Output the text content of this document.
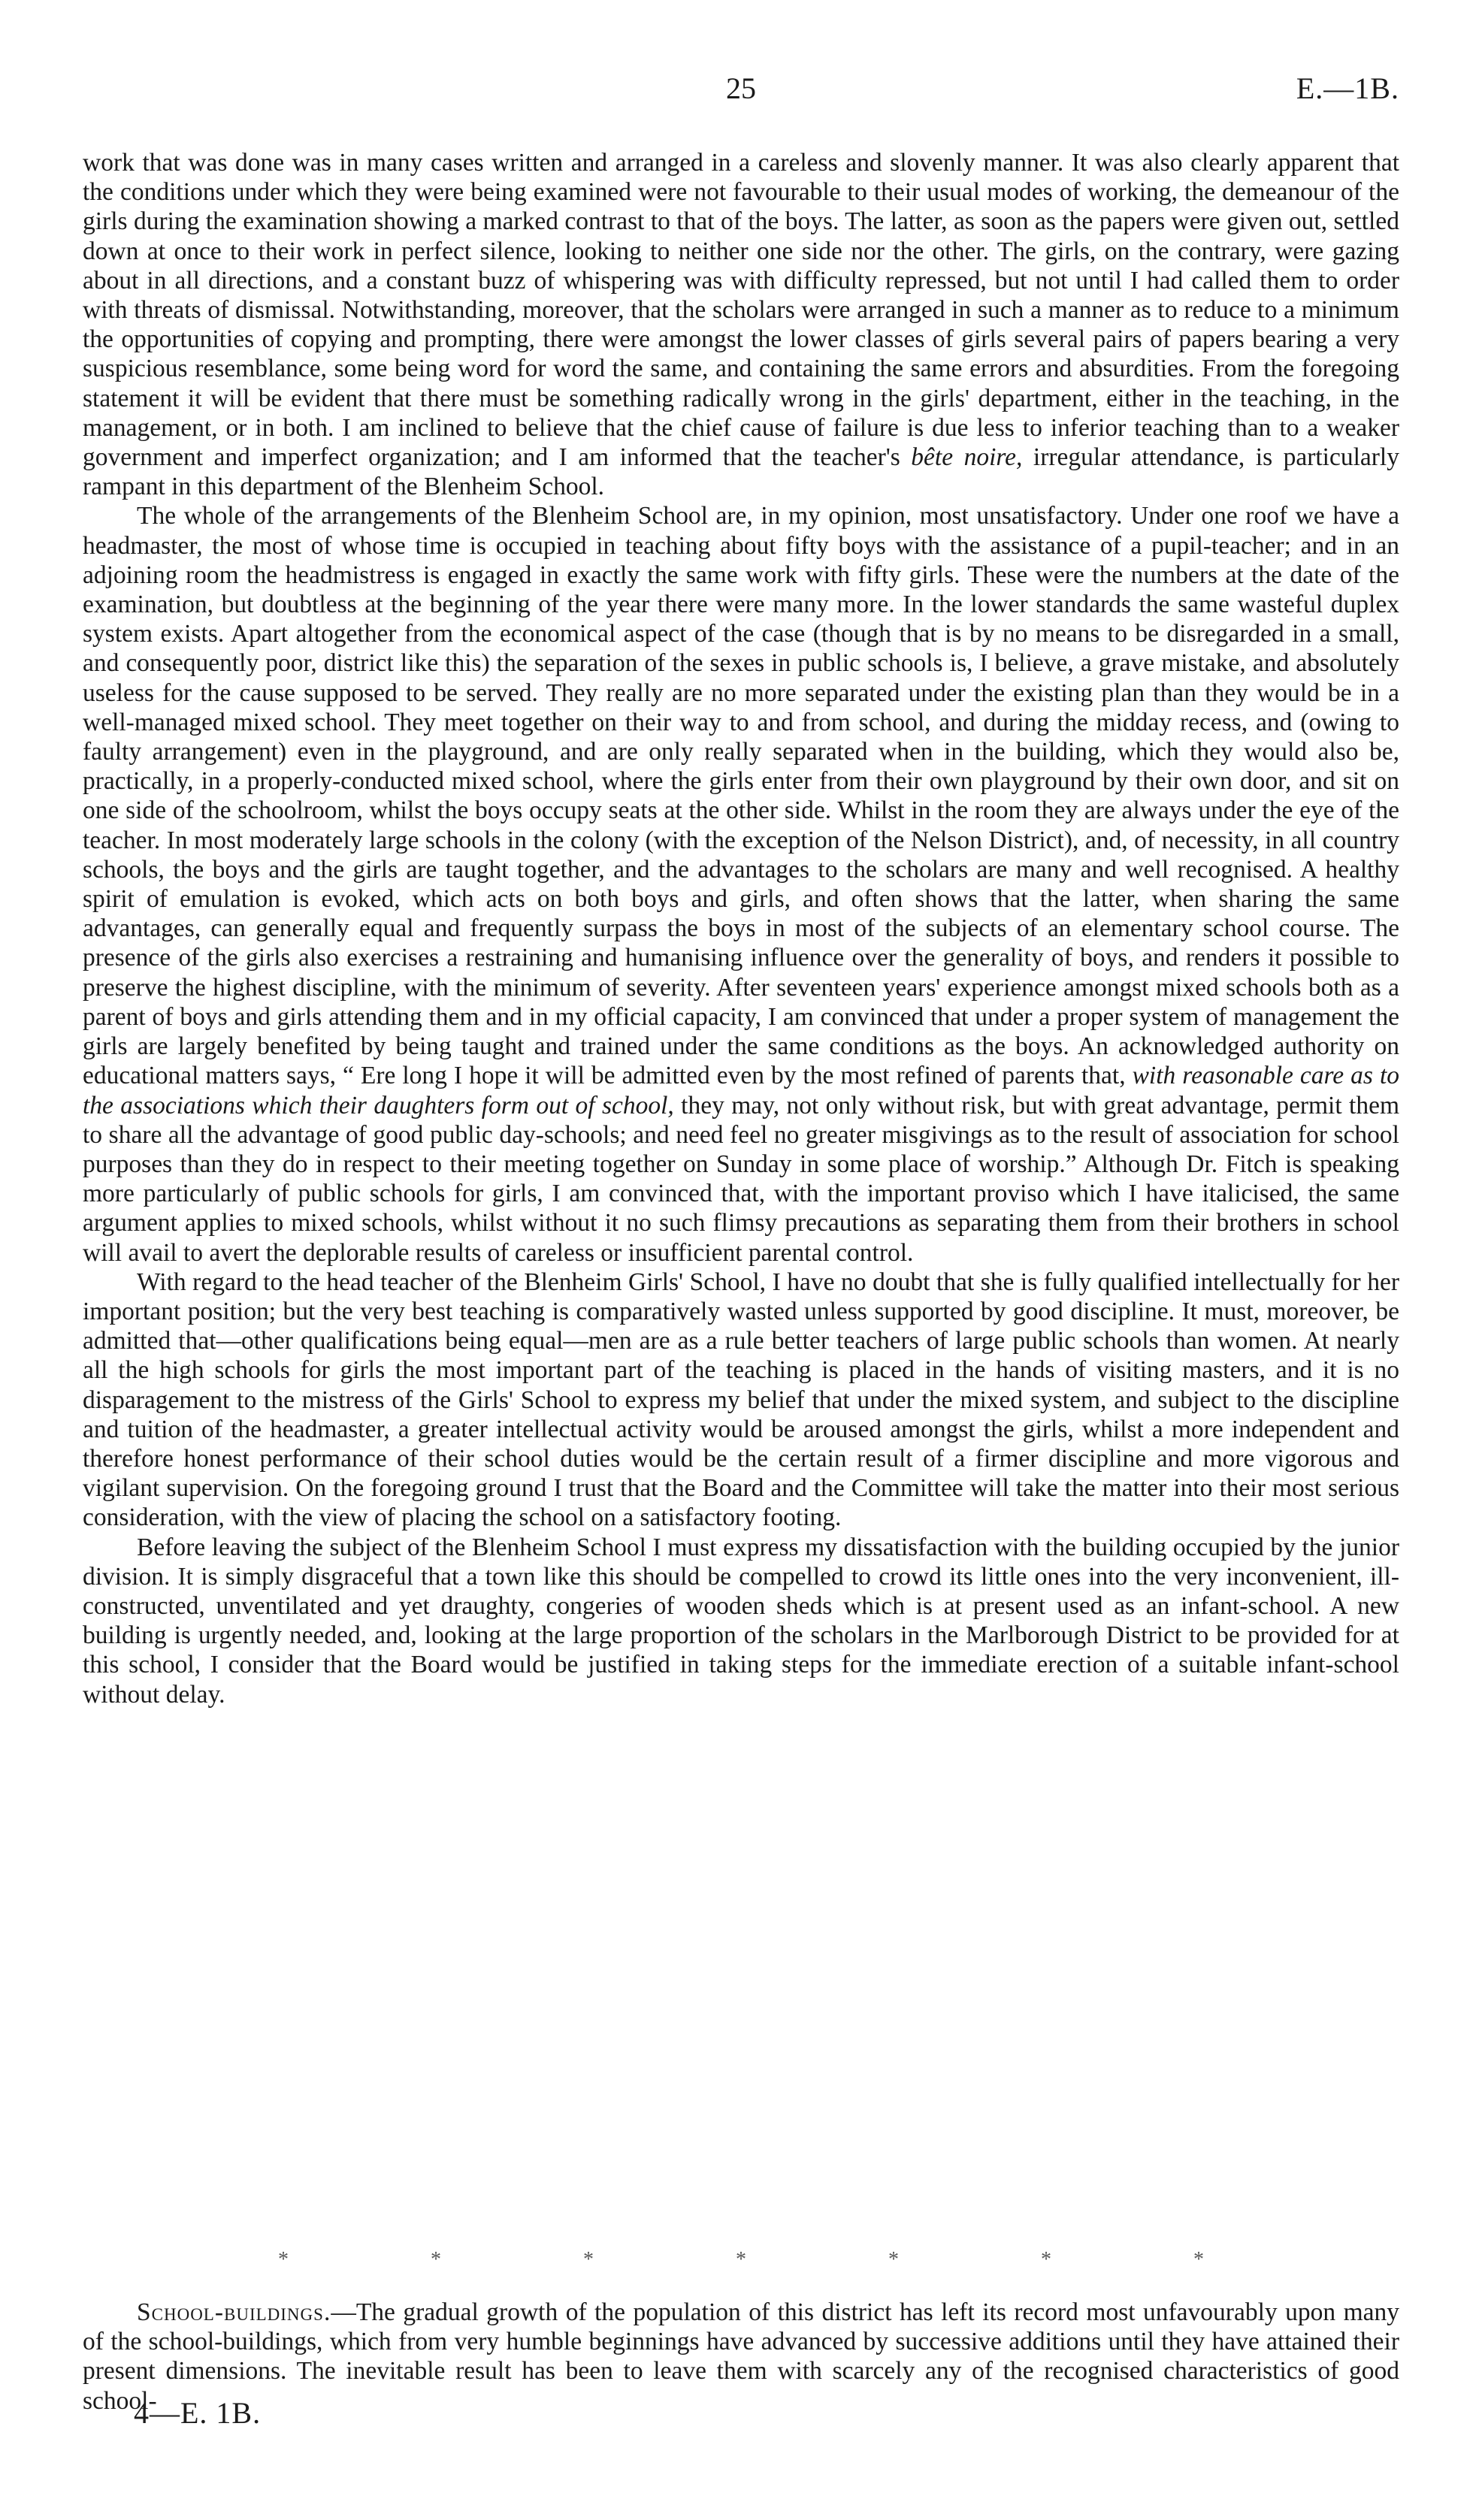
25	E.—1B.

work that was done was in many cases written and arranged in a careless and slovenly manner. It was also clearly apparent that the conditions under which they were being examined were not favourable to their usual modes of working, the demeanour of the girls during the examination showing a marked contrast to that of the boys. The latter, as soon as the papers were given out, settled down at once to their work in perfect silence, looking to neither one side nor the other. The girls, on the contrary, were gazing about in all directions, and a constant buzz of whispering was with difficulty repressed, but not until I had called them to order with threats of dismissal. Notwithstanding, moreover, that the scholars were arranged in such a manner as to reduce to a minimum the opportunities of copying and prompting, there were amongst the lower classes of girls several pairs of papers bearing a very suspicious resemblance, some being word for word the same, and containing the same errors and absurdities. From the foregoing statement it will be evident that there must be something radically wrong in the girls' department, either in the teaching, in the management, or in both. I am inclined to believe that the chief cause of failure is due less to inferior teaching than to a weaker government and imperfect organization; and I am informed that the teacher's bête noire, irregular attendance, is particularly rampant in this department of the Blenheim School.

The whole of the arrangements of the Blenheim School are, in my opinion, most unsatisfactory. Under one roof we have a headmaster, the most of whose time is occupied in teaching about fifty boys with the assistance of a pupil-teacher; and in an adjoining room the headmistress is engaged in exactly the same work with fifty girls. These were the numbers at the date of the examination, but doubtless at the beginning of the year there were many more. In the lower standards the same wasteful duplex system exists. Apart altogether from the economical aspect of the case (though that is by no means to be disregarded in a small, and consequently poor, district like this) the separation of the sexes in public schools is, I believe, a grave mistake, and absolutely useless for the cause supposed to be served. They really are no more separated under the existing plan than they would be in a well-managed mixed school. They meet together on their way to and from school, and during the midday recess, and (owing to faulty arrangement) even in the playground, and are only really separated when in the building, which they would also be, practically, in a properly-conducted mixed school, where the girls enter from their own playground by their own door, and sit on one side of the schoolroom, whilst the boys occupy seats at the other side. Whilst in the room they are always under the eye of the teacher. In most moderately large schools in the colony (with the exception of the Nelson District), and, of necessity, in all country schools, the boys and the girls are taught together, and the advantages to the scholars are many and well recognised. A healthy spirit of emulation is evoked, which acts on both boys and girls, and often shows that the latter, when sharing the same advantages, can generally equal and frequently surpass the boys in most of the subjects of an elementary school course. The presence of the girls also exercises a restraining and humanising influence over the generality of boys, and renders it possible to preserve the highest discipline, with the minimum of severity. After seventeen years' experience amongst mixed schools both as a parent of boys and girls attending them and in my official capacity, I am convinced that under a proper system of management the girls are largely benefited by being taught and trained under the same conditions as the boys. An acknowledged authority on educational matters says, “ Ere long I hope it will be admitted even by the most refined of parents that, with reasonable care as to the associations which their daughters form out of school, they may, not only without risk, but with great advantage, permit them to share all the advantage of good public day-schools; and need feel no greater misgivings as to the result of association for school purposes than they do in respect to their meeting together on Sunday in some place of worship.” Although Dr. Fitch is speaking more particularly of public schools for girls, I am convinced that, with the important proviso which I have italicised, the same argument applies to mixed schools, whilst without it no such flimsy precautions as separating them from their brothers in school will avail to avert the deplorable results of careless or insufficient parental control.

With regard to the head teacher of the Blenheim Girls' School, I have no doubt that she is fully qualified intellectually for her important position; but the very best teaching is comparatively wasted unless supported by good discipline. It must, moreover, be admitted that—other qualifications being equal—men are as a rule better teachers of large public schools than women. At nearly all the high schools for girls the most important part of the teaching is placed in the hands of visiting masters, and it is no disparagement to the mistress of the Girls' School to express my belief that under the mixed system, and subject to the discipline and tuition of the headmaster, a greater intellectual activity would be aroused amongst the girls, whilst a more independent and therefore honest performance of their school duties would be the certain result of a firmer discipline and more vigorous and vigilant supervision. On the foregoing ground I trust that the Board and the Committee will take the matter into their most serious consideration, with the view of placing the school on a satisfactory footing.

Before leaving the subject of the Blenheim School I must express my dissatisfaction with the building occupied by the junior division. It is simply disgraceful that a town like this should be compelled to crowd its little ones into the very inconvenient, ill-constructed, unventilated and yet draughty, congeries of wooden sheds which is at present used as an infant-school. A new building is urgently needed, and, looking at the large proportion of the scholars in the Marlborough District to be provided for at this school, I consider that the Board would be justified in taking steps for the immediate erection of a suitable infant-school without delay.

*	*	*	*	*	*	*

School-buildings.—The gradual growth of the population of this district has left its record most unfavourably upon many of the school-buildings, which from very humble beginnings have advanced by successive additions until they have attained their present dimensions. The inevitable result has been to leave them with scarcely any of the recognised characteristics of good school-

4—E. 1B.
